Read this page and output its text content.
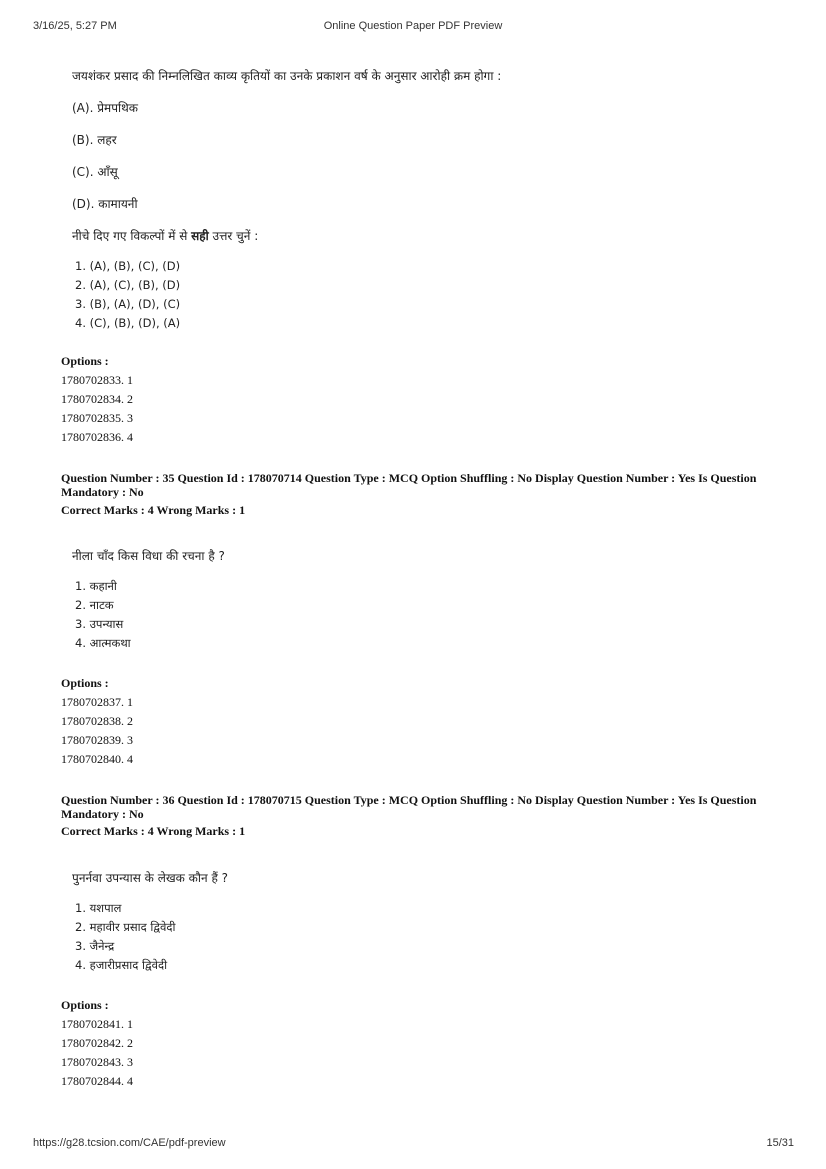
3/16/25, 5:27 PM	Online Question Paper PDF Preview
जयशंकर प्रसाद की निम्नलिखित काव्य कृतियों का उनके प्रकाशन वर्ष के अनुसार आरोही क्रम होगा :
(A). प्रेमपथिक
(B). लहर
(C). आँसू
(D). कामायनी
नीचे दिए गए विकल्पों में से सही उत्तर चुनें :
1. (A), (B), (C), (D)
2. (A), (C), (B), (D)
3. (B), (A), (D), (C)
4. (C), (B), (D), (A)
Options :
1780702833. 1
1780702834. 2
1780702835. 3
1780702836. 4
Question Number : 35 Question Id : 178070714 Question Type : MCQ Option Shuffling : No Display Question Number : Yes Is Question Mandatory : No
Correct Marks : 4 Wrong Marks : 1
नीला चाँद किस विधा की रचना है ?
1. कहानी
2. नाटक
3. उपन्यास
4. आत्मकथा
Options :
1780702837. 1
1780702838. 2
1780702839. 3
1780702840. 4
Question Number : 36 Question Id : 178070715 Question Type : MCQ Option Shuffling : No Display Question Number : Yes Is Question Mandatory : No
Correct Marks : 4 Wrong Marks : 1
पुनर्नवा उपन्यास के लेखक कौन हैं ?
1. यशपाल
2. महावीर प्रसाद द्विवेदी
3. जैनेन्द्र
4. हजारीप्रसाद द्विवेदी
Options :
1780702841. 1
1780702842. 2
1780702843. 3
1780702844. 4
https://g28.tcsion.com/CAE/pdf-preview	15/31
